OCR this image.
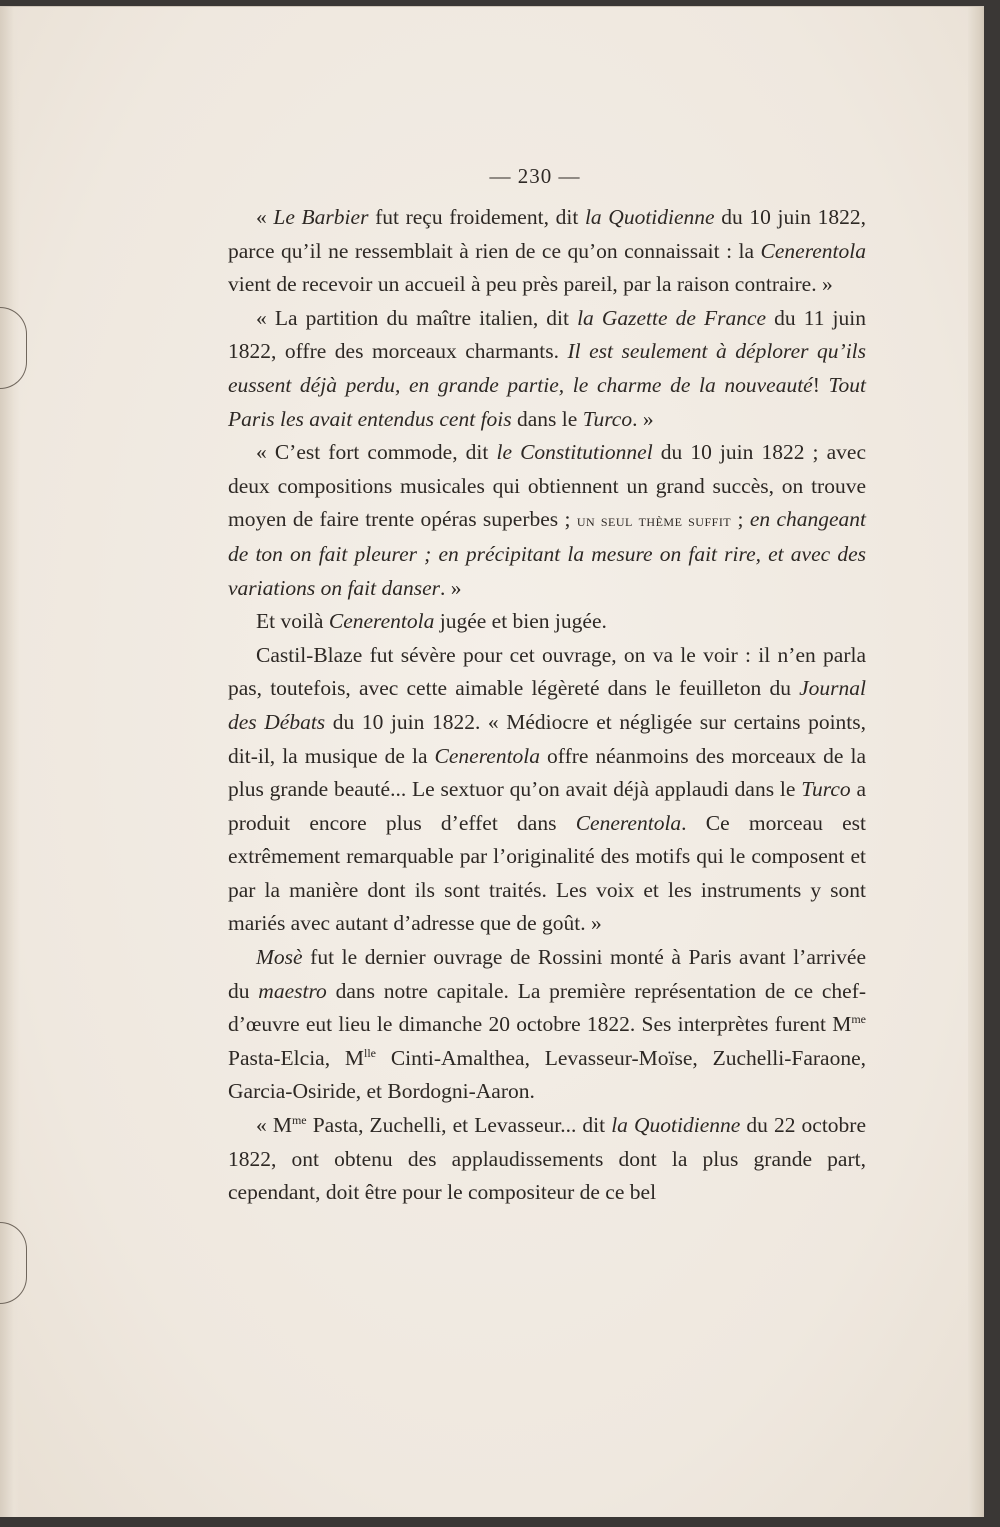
— 230 —

« Le Barbier fut reçu froidement, dit la Quotidienne du 10 juin 1822, parce qu’il ne ressemblait à rien de ce qu’on connaissait : la Cenerentola vient de recevoir un accueil à peu près pareil, par la raison contraire. »

« La partition du maître italien, dit la Gazette de France du 11 juin 1822, offre des morceaux charmants. Il est seulement à déplorer qu’ils eussent déjà perdu, en grande partie, le charme de la nouveauté! Tout Paris les avait entendus cent fois dans le Turco. »

« C’est fort commode, dit le Constitutionnel du 10 juin 1822 ; avec deux compositions musicales qui obtiennent un grand succès, on trouve moyen de faire trente opéras superbes ; un seul thème suffit ; en changeant de ton on fait pleurer ; en précipitant la mesure on fait rire, et avec des variations on fait danser. »

Et voilà Cenerentola jugée et bien jugée.

Castil-Blaze fut sévère pour cet ouvrage, on va le voir : il n’en parla pas, toutefois, avec cette aimable légèreté dans le feuilleton du Journal des Débats du 10 juin 1822. « Médiocre et négligée sur certains points, dit-il, la musique de la Cenerentola offre néanmoins des morceaux de la plus grande beauté... Le sextuor qu’on avait déjà applaudi dans le Turco a produit encore plus d’effet dans Cenerentola. Ce morceau est extrêmement remarquable par l’originalité des motifs qui le composent et par la manière dont ils sont traités. Les voix et les instruments y sont mariés avec autant d’adresse que de goût. »

Mosè fut le dernier ouvrage de Rossini monté à Paris avant l’arrivée du maestro dans notre capitale. La première représentation de ce chef-d’œuvre eut lieu le dimanche 20 octobre 1822. Ses interprètes furent $M^{me}$ Pasta-Elcia, $M^{lle}$ Cinti-Amalthea, Levasseur-Moïse, Zuchelli-Faraone, Garcia-Osiride, et Bordogni-Aaron.

« $M^{me}$ Pasta, Zuchelli, et Levasseur... dit la Quotidienne du 22 octobre 1822, ont obtenu des applaudissements dont la plus grande part, cependant, doit être pour le compositeur de ce bel
